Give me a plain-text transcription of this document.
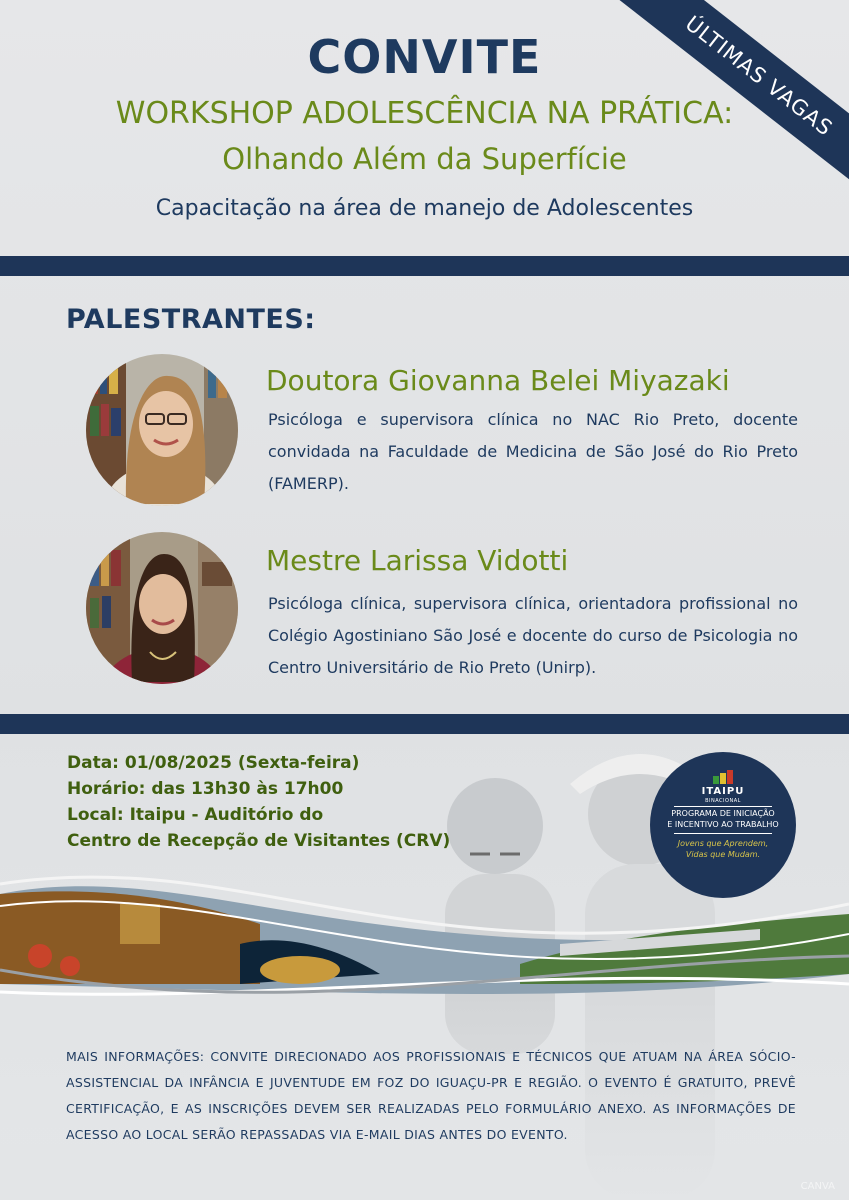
ÚLTIMAS VAGAS
CONVITE
WORKSHOP ADOLESCÊNCIA NA PRÁTICA:
Olhando Além da Superfície
Capacitação na área de manejo de Adolescentes
PALESTRANTES:
Doutora Giovanna Belei Miyazaki
Psicóloga e supervisora clínica no NAC Rio Preto, docente convidada na Faculdade de Medicina de São José do Rio Preto (FAMERP).
Mestre Larissa Vidotti
Psicóloga clínica, supervisora clínica, orientadora profissional no Colégio Agostiniano São José e docente do curso de Psicologia no Centro Universitário de Rio Preto (Unirp).
Data: 01/08/2025 (Sexta-feira)
Horário: das 13h30 às 17h00
Local: Itaipu - Auditório do
Centro de Recepção de Visitantes (CRV)
ITAIPU
BINACIONAL
PROGRAMA DE INICIAÇÃO
E INCENTIVO AO TRABALHO
Jovens que Aprendem,
Vidas que Mudam.
MAIS INFORMAÇÕES: CONVITE DIRECIONADO AOS PROFISSIONAIS E TÉCNICOS QUE ATUAM NA ÁREA SÓCIO-ASSISTENCIAL DA INFÂNCIA E JUVENTUDE EM FOZ DO IGUAÇU-PR E REGIÃO. O EVENTO É GRATUITO, PREVÊ CERTIFICAÇÃO, E AS INSCRIÇÕES DEVEM SER REALIZADAS PELO FORMULÁRIO ANEXO. AS INFORMAÇÕES DE ACESSO AO LOCAL SERÃO REPASSADAS VIA E-MAIL DIAS ANTES DO EVENTO.
CANVA
